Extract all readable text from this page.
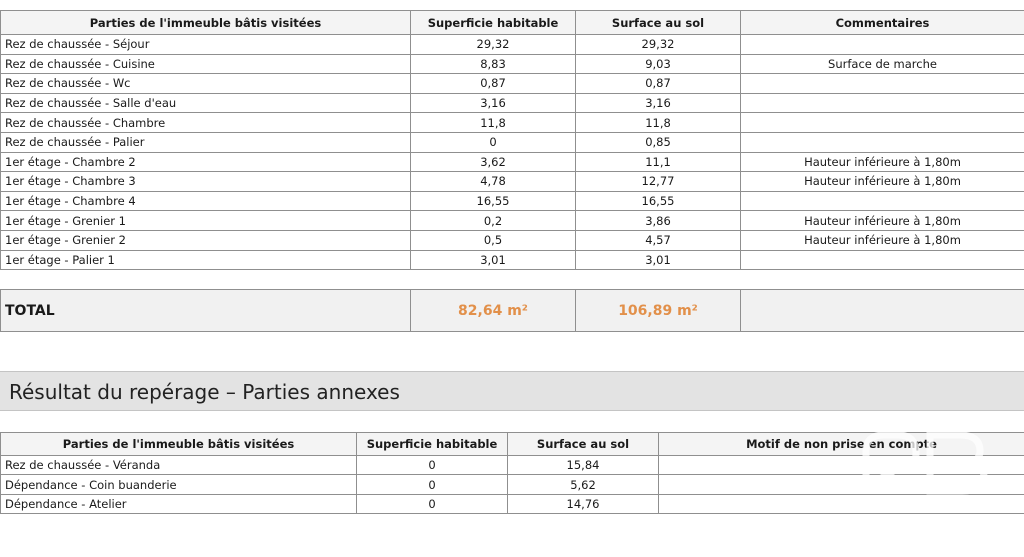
Parties de l'immeuble bâtis visitées	Superficie habitable	Surface au sol	Commentaires
Rez de chaussée - Séjour	29,32	29,32	
Rez de chaussée - Cuisine	8,83	9,03	Surface de marche
Rez de chaussée - Wc	0,87	0,87	
Rez de chaussée - Salle d'eau	3,16	3,16	
Rez de chaussée - Chambre	11,8	11,8	
Rez de chaussée - Palier	0	0,85	
1er étage - Chambre 2	3,62	11,1	Hauteur inférieure à 1,80m
1er étage - Chambre 3	4,78	12,77	Hauteur inférieure à 1,80m
1er étage - Chambre 4	16,55	16,55	
1er étage - Grenier 1	0,2	3,86	Hauteur inférieure à 1,80m
1er étage - Grenier 2	0,5	4,57	Hauteur inférieure à 1,80m
1er étage - Palier 1	3,01	3,01	
TOTAL	82,64 m²	106,89 m²	
Résultat du repérage – Parties annexes
Parties de l'immeuble bâtis visitées	Superficie habitable	Surface au sol	Motif de non prise en compte
Rez de chaussée - Véranda	0	15,84	
Dépendance - Coin buanderie	0	5,62	
Dépendance - Atelier	0	14,76	
